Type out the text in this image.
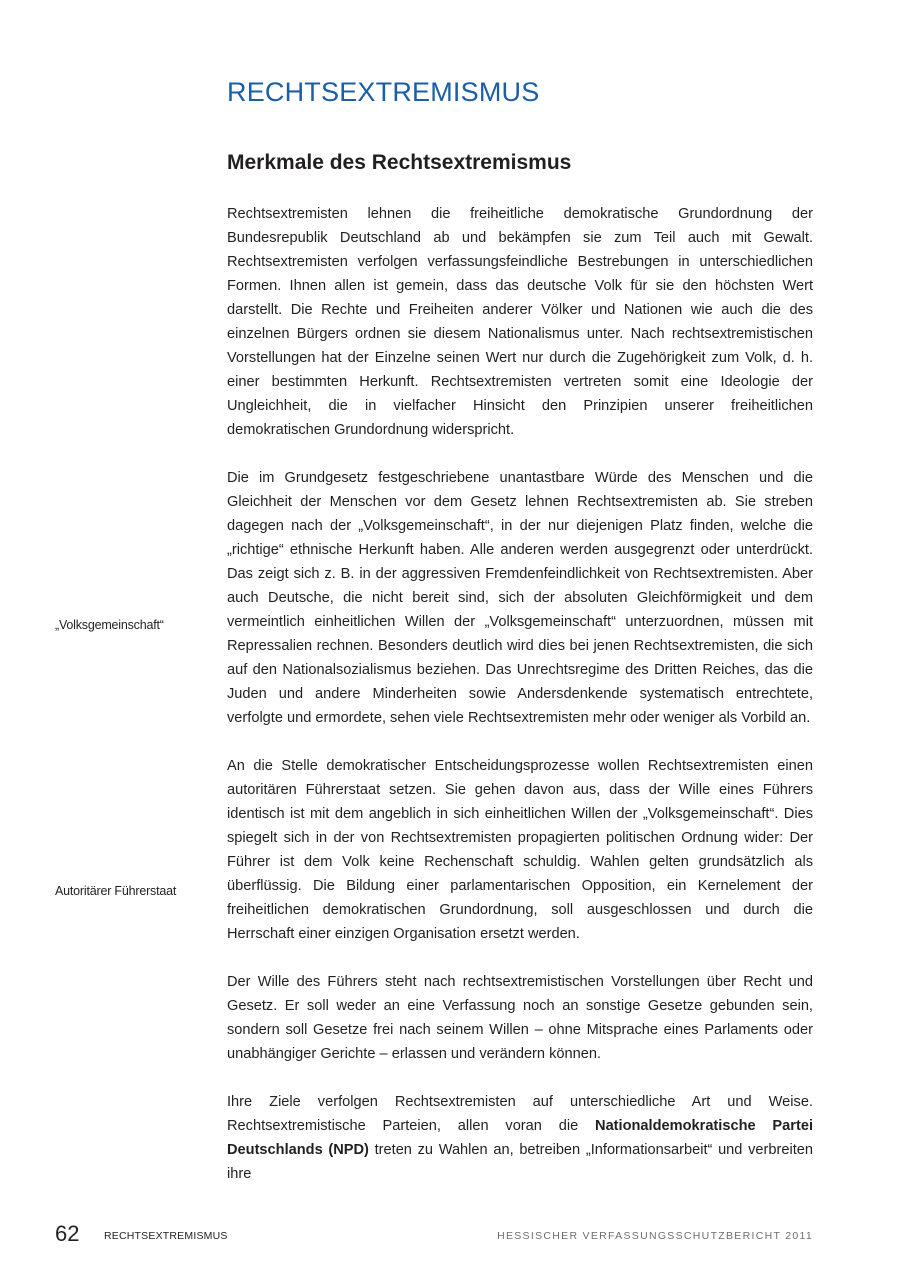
RECHTSEXTREMISMUS
Merkmale des Rechtsextremismus

Rechtsextremisten lehnen die freiheitliche demokratische Grundordnung der Bundesrepublik Deutschland ab und bekämpfen sie zum Teil auch mit Gewalt. Rechtsextremisten verfolgen verfassungsfeindliche Bestrebungen in unterschiedlichen Formen. Ihnen allen ist gemein, dass das deutsche Volk für sie den höchsten Wert darstellt. Die Rechte und Freiheiten anderer Völker und Nationen wie auch die des einzelnen Bürgers ordnen sie diesem Nationalismus unter. Nach rechtsextremistischen Vorstellungen hat der Einzelne seinen Wert nur durch die Zugehörigkeit zum Volk, d. h. einer bestimmten Herkunft. Rechtsextremisten vertreten somit eine Ideologie der Ungleichheit, die in vielfacher Hinsicht den Prinzipien unserer freiheitlichen demokratischen Grundordnung widerspricht.

Die im Grundgesetz festgeschriebene unantastbare Würde des Menschen und die Gleichheit der Menschen vor dem Gesetz lehnen Rechtsextremisten ab. Sie streben dagegen nach der „Volksgemeinschaft“, in der nur diejenigen Platz finden, welche die „richtige“ ethnische Herkunft haben. Alle anderen werden ausgegrenzt oder unterdrückt. Das zeigt sich z. B. in der aggressiven Fremdenfeindlichkeit von Rechtsextremisten. Aber auch Deutsche, die nicht bereit sind, sich der absoluten Gleichförmigkeit und dem vermeintlich einheitlichen Willen der „Volksgemeinschaft“ unterzuordnen, müssen mit Repressalien rechnen. Besonders deutlich wird dies bei jenen Rechtsextremisten, die sich auf den Nationalsozialismus beziehen. Das Unrechtsregime des Dritten Reiches, das die Juden und andere Minderheiten sowie Andersdenkende systematisch entrechtete, verfolgte und ermordete, sehen viele Rechtsextremisten mehr oder weniger als Vorbild an.

An die Stelle demokratischer Entscheidungsprozesse wollen Rechtsextremisten einen autoritären Führerstaat setzen. Sie gehen davon aus, dass der Wille eines Führers identisch ist mit dem angeblich in sich einheitlichen Willen der „Volksgemeinschaft“. Dies spiegelt sich in der von Rechtsextremisten propagierten politischen Ordnung wider: Der Führer ist dem Volk keine Rechenschaft schuldig. Wahlen gelten grundsätzlich als überflüssig. Die Bildung einer parlamentarischen Opposition, ein Kernelement der freiheitlichen demokratischen Grundordnung, soll ausgeschlossen und durch die Herrschaft einer einzigen Organisation ersetzt werden.

Der Wille des Führers steht nach rechtsextremistischen Vorstellungen über Recht und Gesetz. Er soll weder an eine Verfassung noch an sonstige Gesetze gebunden sein, sondern soll Gesetze frei nach seinem Willen – ohne Mitsprache eines Parlaments oder unabhängiger Gerichte – erlassen und verändern können.

Ihre Ziele verfolgen Rechtsextremisten auf unterschiedliche Art und Weise. Rechtsextremistische Parteien, allen voran die Nationaldemokratische Partei Deutschlands (NPD) treten zu Wahlen an, betreiben „Informationsarbeit“ und verbreiten ihre

„Volksgemeinschaft“
Autoritärer Führerstaat
62 RECHTSEXTREMISMUS	HESSISCHER VERFASSUNGSSCHUTZBERICHT 2011
